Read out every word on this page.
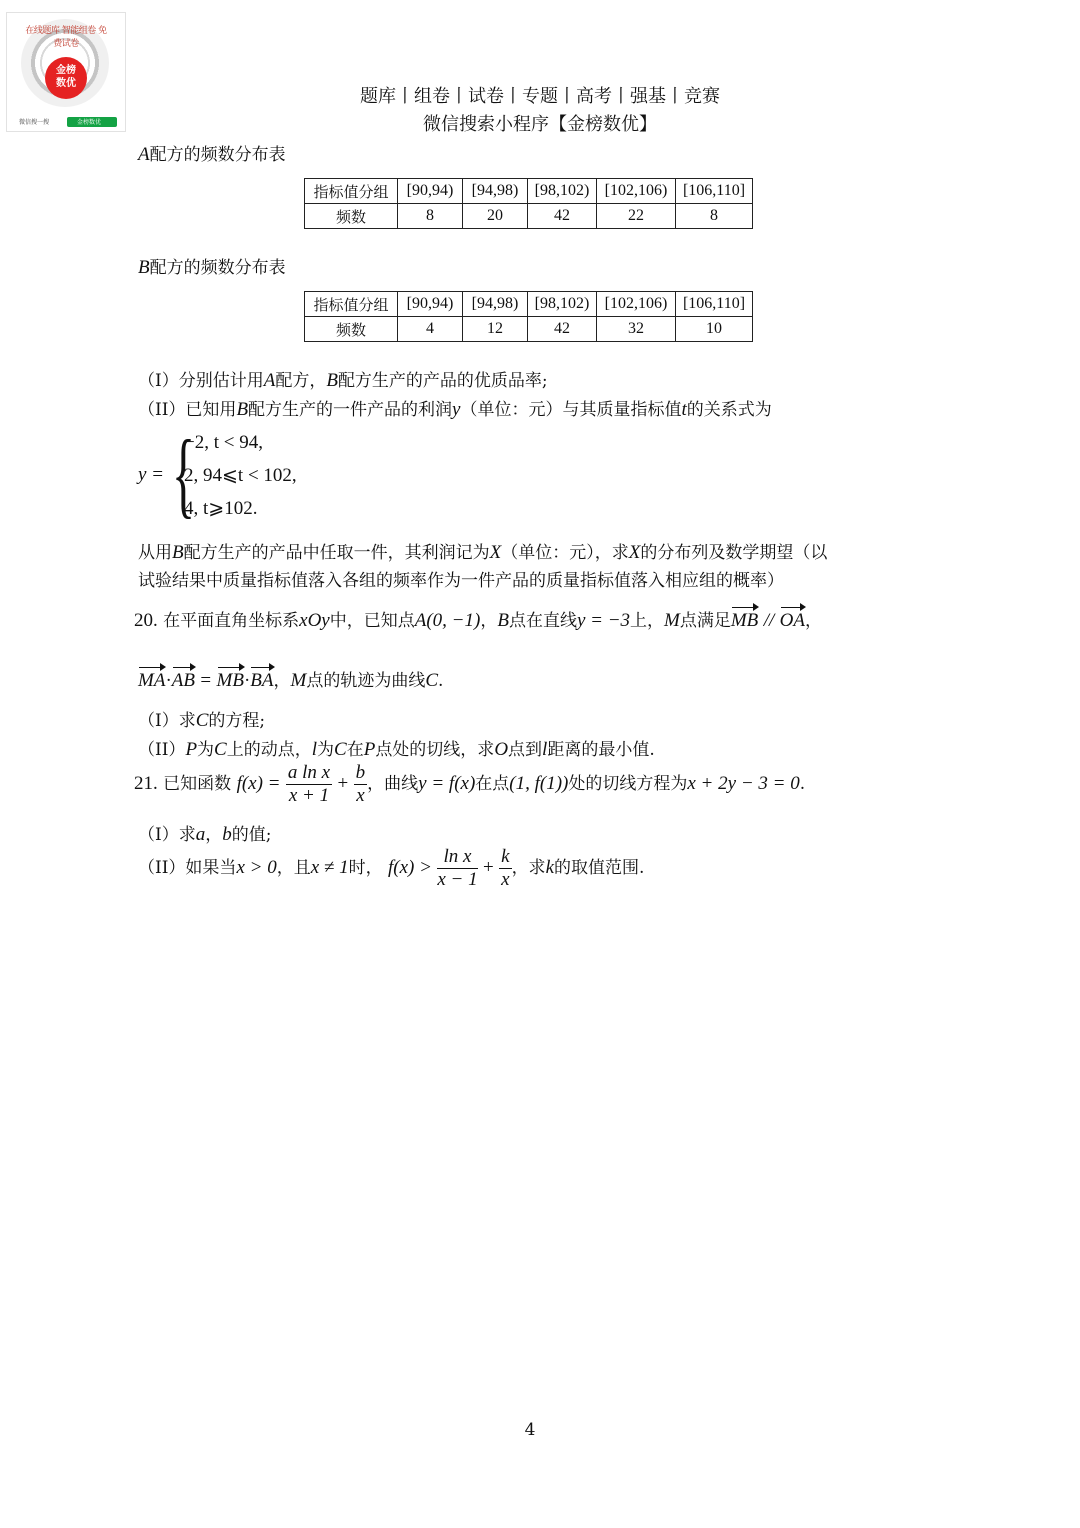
在线题库 智能组卷 免费试卷
金榜
数优
微信搜一搜	金榜数优
题库丨组卷丨试卷丨专题丨高考丨强基丨竞赛
微信搜索小程序【金榜数优】
A配方的频数分布表
指标值分组	[90,94)	[94,98)	[98,102)	[102,106)	[106,110]
频数	8	20	42	22	8
B配方的频数分布表
指标值分组	[90,94)	[94,98)	[98,102)	[102,106)	[106,110]
频数	4	12	42	32	10
（I）分别估计用A配方，B配方生产的产品的优质品率;
（II）已知用B配方生产的一件产品的利润y（单位：元）与其质量指标值t的关系式为
y = {
−2, t < 94,
2, 94⩽t < 102,
4, t⩾102.
从用B配方生产的产品中任取一件，其利润记为X（单位：元），求X的分布列及数学期望（以
试验结果中质量指标值落入各组的频率作为一件产品的质量指标值落入相应组的概率）
20. 在平面直角坐标系xOy中，已知点A(0, −1)，B点在直线y = −3上，M点满足MB // OA，
MA·AB = MB·BA，M点的轨迹为曲线C.
（I）求C的方程;
（II）P为C上的动点，l为C在P点处的切线，求O点到l距离的最小值.
21. 已知函数 $f(x) = \frac{\text{a ln x}}{x + 1} + \frac{b}{x}$ ，曲线y = f(x)在点(1, f(1))处的切线方程为x + 2y − 3 = 0.
（I）求a，b的值;
（II）如果当x > 0，且x ≠ 1时， $f(x) > \frac{\text{ln x}}{x - 1} + \frac{k}{x}$ ，求k的取值范围.
4
